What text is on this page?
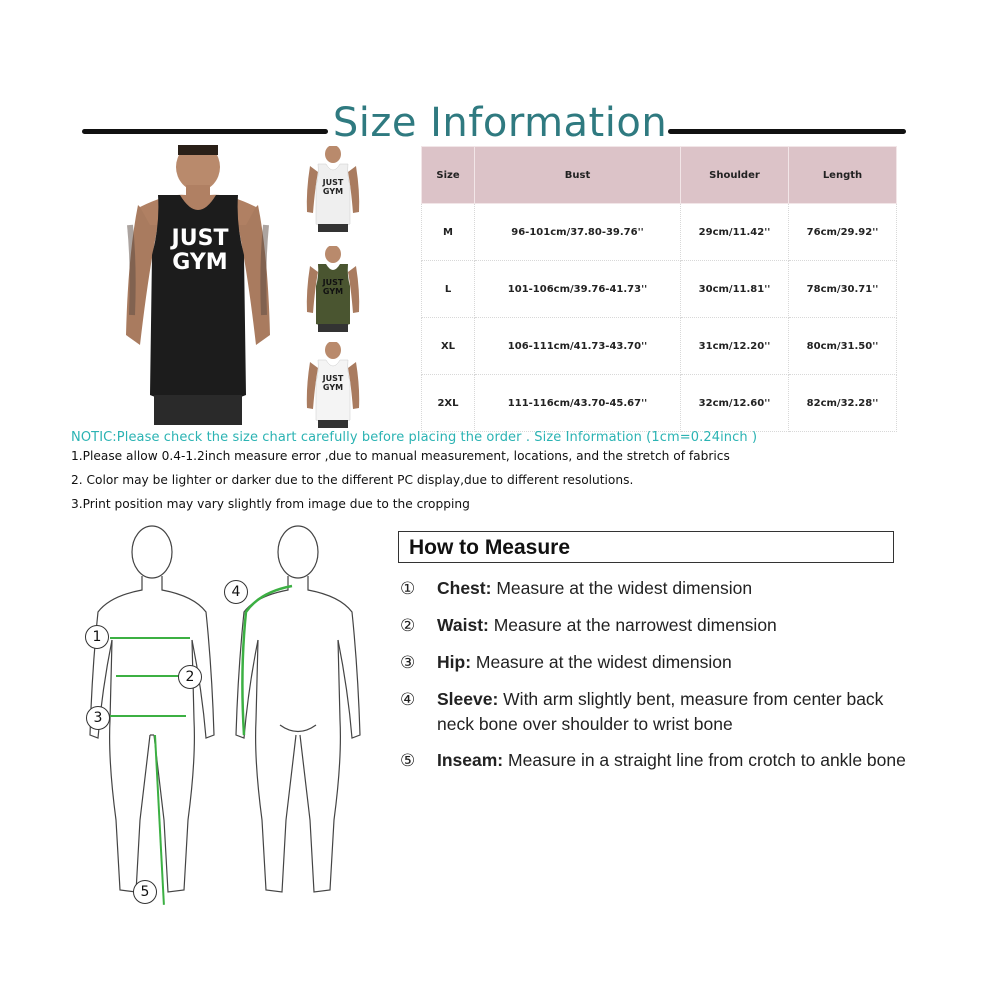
Size Information
JUST
GYM
JUST GYM
JUST GYM
JUST GYM
Size	Bust	Shoulder	Length
M	96-101cm/37.80-39.76''	29cm/11.42''	76cm/29.92''
L	101-106cm/39.76-41.73''	30cm/11.81''	78cm/30.71''
XL	106-111cm/41.73-43.70''	31cm/12.20''	80cm/31.50''
2XL	111-116cm/43.70-45.67''	32cm/12.60''	82cm/32.28''
NOTIC:Please check the size chart carefully before placing the order . Size Information (1cm=0.24inch )
1.Please allow 0.4-1.2inch measure error ,due to manual measurement, locations, and the stretch of fabrics
2. Color may be lighter or darker due to the different PC display,due to different resolutions.
3.Print position may vary slightly from image due to the cropping
1
2
3
5
4
How to Measure
① Chest: Measure at the widest dimension
② Waist: Measure at the narrowest dimension
③ Hip: Measure at the widest dimension
④ Sleeve: With arm slightly bent, measure from center back neck bone over shoulder to wrist bone
⑤ Inseam: Measure in a straight line from crotch to ankle bone
